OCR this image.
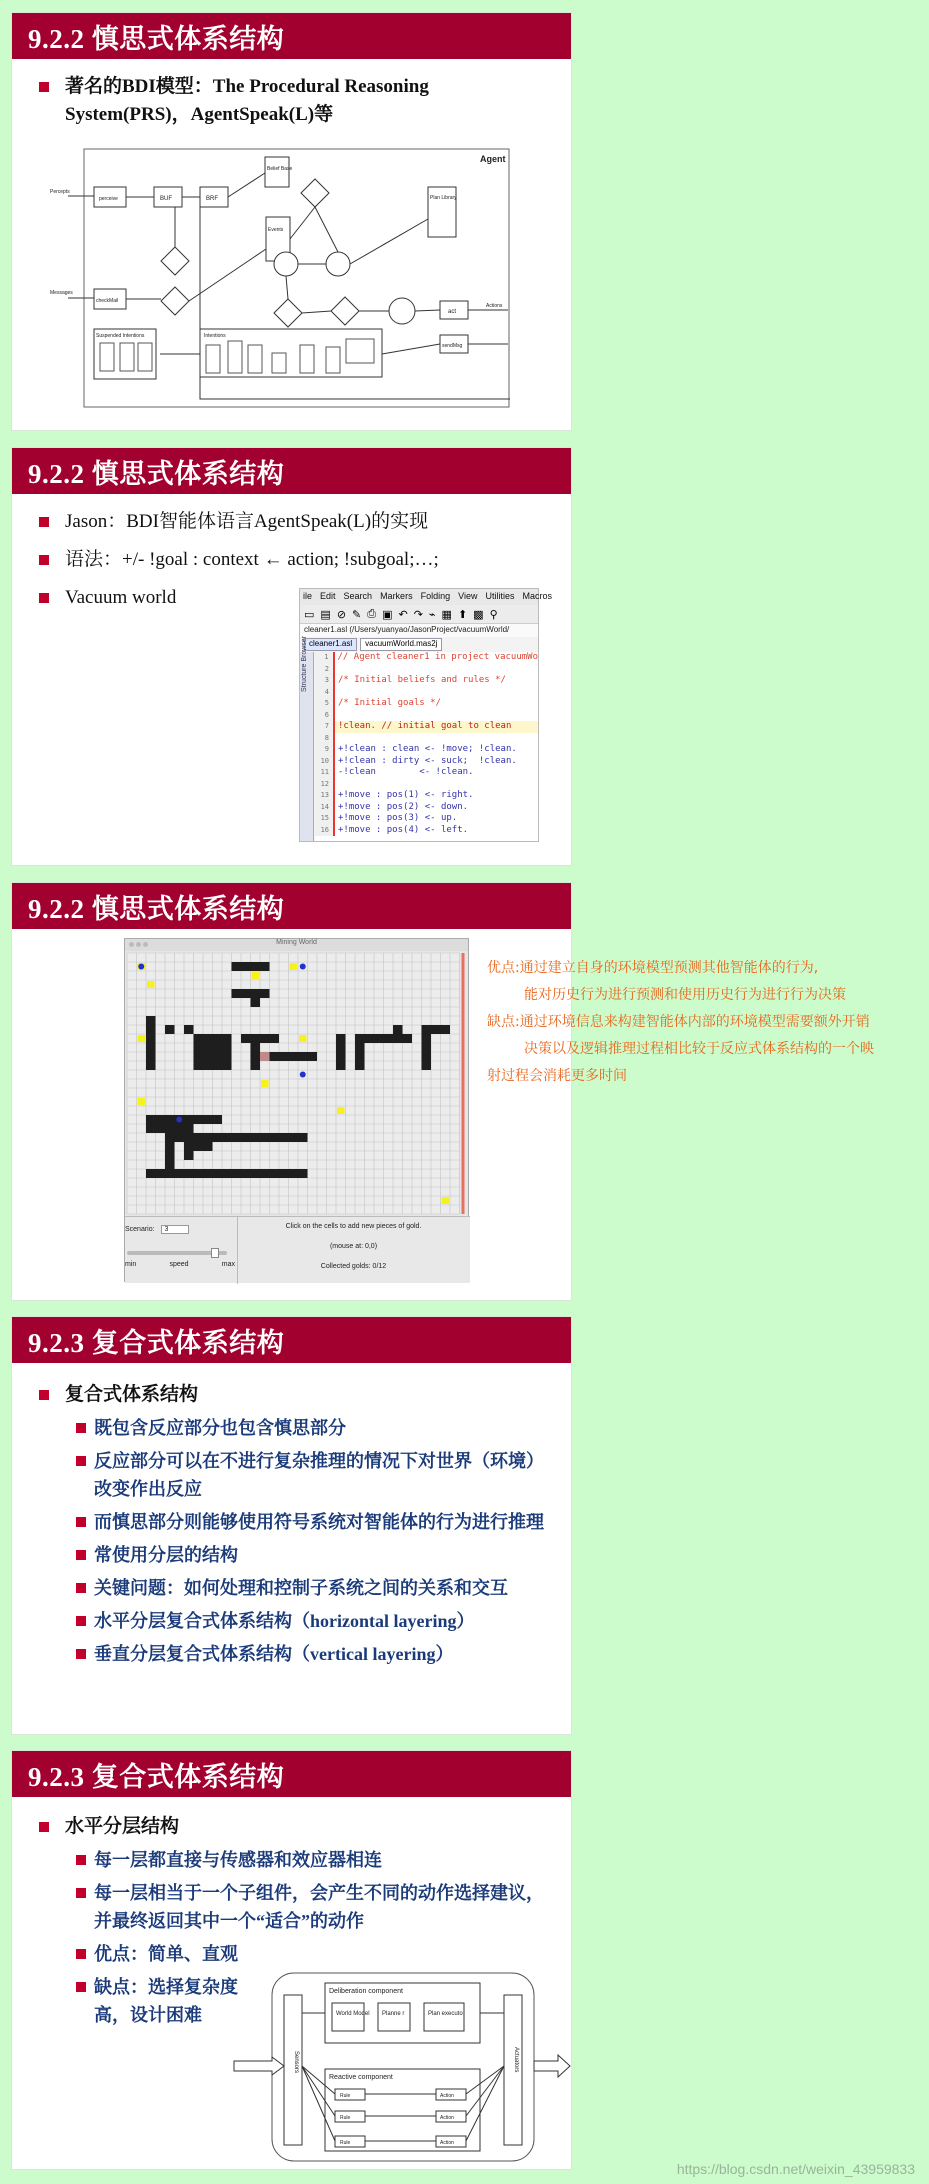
9.2.2 慎思式体系结构
著名的BDI模型：The Procedural Reasoning System(PRS)，AgentSpeak(L)等
Agent
Belief Base
perceive	BUF	BRF
Percepts
Events
Plan Library
act
sendMsg
Actions
checkMail
Messages
Suspended Intentions	Intentions
9.2.2 慎思式体系结构
Jason：BDI智能体语言AgentSpeak(L)的实现
语法：+/- !goal : context ← action; !subgoal;…;
Vacuum world	ile Edit Search Markers Folding View Utilities Macros
▭ ▤ ⊘ ✎ ⎙ ▣ ↶ ↷ ⌁ ▦ ⬆ ▩ ⚲
cleaner1.asl (/Users/yuanyao/JasonProject/vacuumWorld/
cleaner1.asl	vacuumWorld.mas2j
Structure Browser	1	// Agent cleaner1 in project vacuumWo
2
3	/* Initial beliefs and rules */
4
5	/* Initial goals */
6
7	!clean. // initial goal to clean
8
9	+!clean : clean <- !move; !clean.
10	+!clean : dirty <- suck;  !clean.
11	-!clean        <- !clean.
12
13	+!move : pos(1) <- right.
14	+!move : pos(2) <- down.
15	+!move : pos(3) <- up.
16	+!move : pos(4) <- left.
9.2.2 慎思式体系结构
Mining World
Scenario: 3
min	speed	max
Click on the cells to add new pieces of gold.
(mouse at: 0,0)
Collected golds: 0/12
优点:通过建立自身的环境模型预测其他智能体的行为,
能对历史行为进行预测和使用历史行为进行行为决策
缺点:通过环境信息来构建智能体内部的环境模型需要额外开销
决策以及逻辑推理过程相比较于反应式体系结构的一个映
射过程会消耗更多时间
9.2.3 复合式体系结构
复合式体系结构
既包含反应部分也包含慎思部分
反应部分可以在不进行复杂推理的情况下对世界（环境）改变作出反应
而慎思部分则能够使用符号系统对智能体的行为进行推理
常使用分层的结构
关键问题：如何处理和控制子系统之间的关系和交互
水平分层复合式体系结构（horizontal layering）
垂直分层复合式体系结构（vertical layering）
9.2.3 复合式体系结构
水平分层结构
每一层都直接与传感器和效应器相连
每一层相当于一个子组件，会产生不同的动作选择建议，并最终返回其中一个“适合”的动作
优点：简单、直观
缺点：选择复杂度高，设计困难
Sensors	Actuators
Deliberation component
World Model Planne r	Plan executo
Reactive component
Rule	Action
Rule	Action
Rule	Action
https://blog.csdn.net/weixin_43959833
